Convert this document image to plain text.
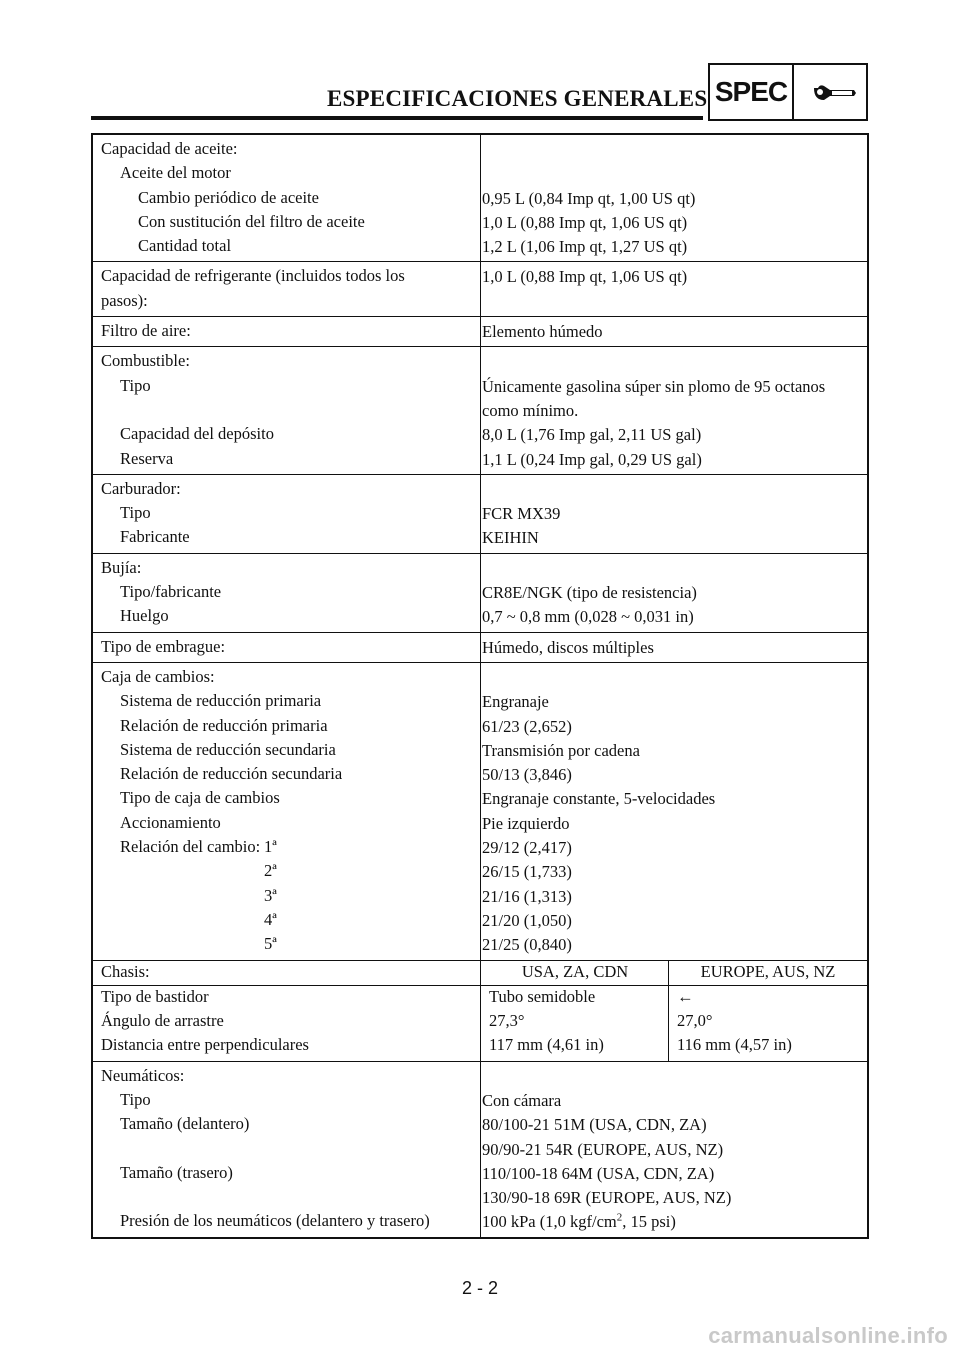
ESPECIFICACIONES GENERALES SPEC
Capacidad de aceite:
Aceite del motor
Cambio periódico de aceite	0,95 L (0,84 Imp qt, 1,00 US qt)
Con sustitución del filtro de aceite	1,0 L (0,88 Imp qt, 1,06 US qt)
Cantidad total	1,2 L (1,06 Imp qt, 1,27 US qt)
Capacidad de refrigerante (incluidos todos los	1,0 L (0,88 Imp qt, 1,06 US qt)
pasos):
Filtro de aire:	Elemento húmedo
Combustible:
Tipo	Únicamente gasolina súper sin plomo de 95 octanos
como mínimo.
Capacidad del depósito	8,0 L (1,76 Imp gal, 2,11 US gal)
Reserva	1,1 L (0,24 Imp gal, 0,29 US gal)
Carburador:
Tipo	FCR MX39
Fabricante	KEIHIN
Bujía:
Tipo/fabricante	CR8E/NGK (tipo de resistencia)
Huelgo	0,7 ~ 0,8 mm (0,028 ~ 0,031 in)
Tipo de embrague:	Húmedo, discos múltiples
Caja de cambios:
Sistema de reducción primaria	Engranaje
Relación de reducción primaria	61/23 (2,652)
Sistema de reducción secundaria	Transmisión por cadena
Relación de reducción secundaria	50/13 (3,846)
Tipo de caja de cambios	Engranaje constante, 5-velocidades
Accionamiento	Pie izquierdo
Relación del cambio: 1ª	29/12 (2,417)
2ª	26/15 (1,733)
3ª	21/16 (1,313)
4ª	21/20 (1,050)
5ª	21/25 (0,840)
Chasis:	USA, ZA, CDN	EUROPE, AUS, NZ
Tipo de bastidor	Tubo semidoble	←
Ángulo de arrastre	27,3°	27,0°
Distancia entre perpendiculares	117 mm (4,61 in)	116 mm (4,57 in)
Neumáticos:
Tipo	Con cámara
Tamaño (delantero)	80/100-21 51M (USA, CDN, ZA)
90/90-21 54R (EUROPE, AUS, NZ)
Tamaño (trasero)	110/100-18 64M (USA, CDN, ZA)
130/90-18 69R (EUROPE, AUS, NZ)
Presión de los neumáticos (delantero y trasero)	100 kPa (1,0 kgf/$cm^2$, 15 psi)
2 - 2
carmanualsonline.info
